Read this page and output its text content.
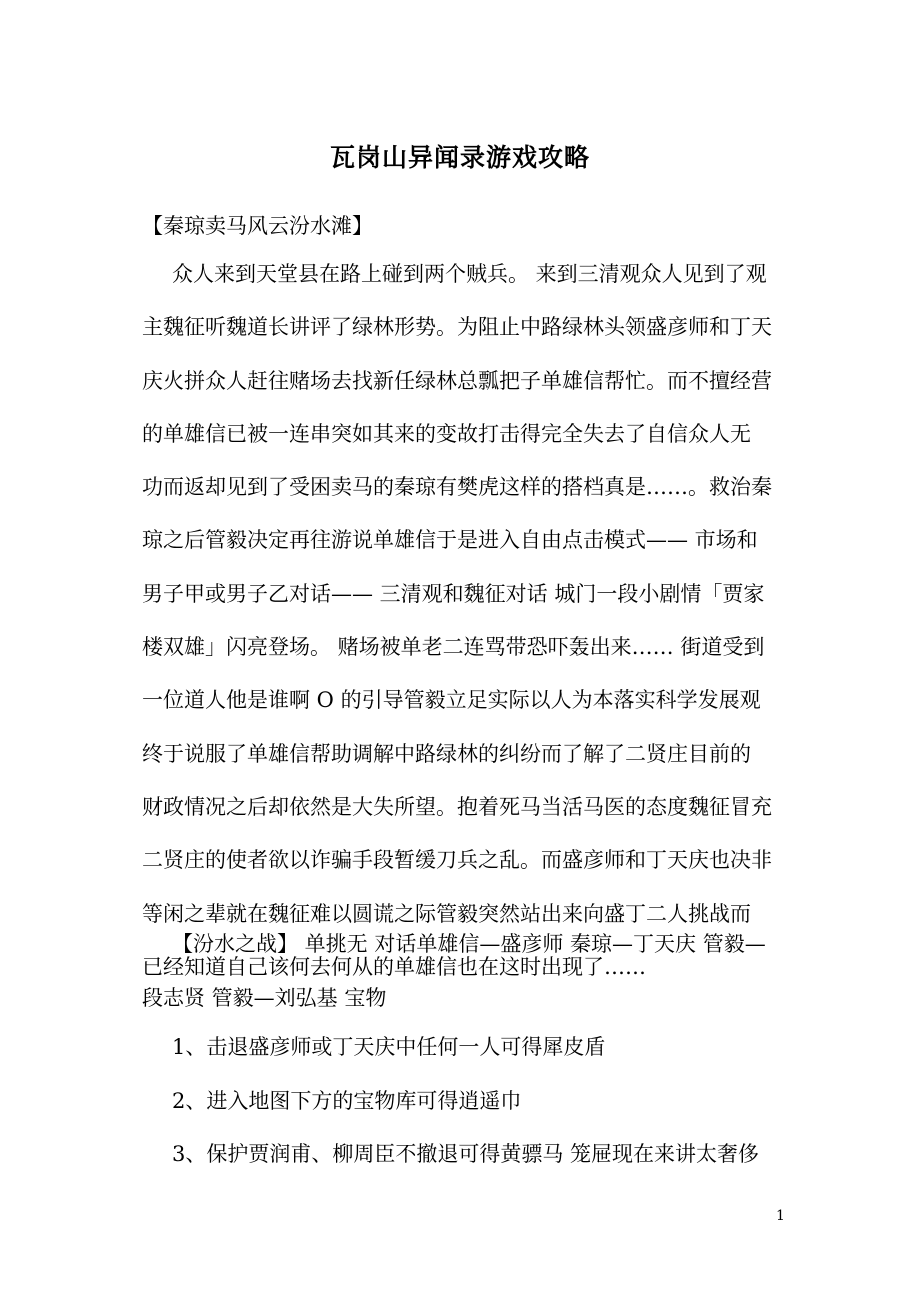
瓦岗山异闻录游戏攻略
【秦琼卖马风云汾水滩】
众人来到天堂县在路上碰到两个贼兵。 来到三清观众人见到了观
主魏征听魏道长讲评了绿林形势。为阻止中路绿林头领盛彦师和丁天
庆火拼众人赶往赌场去找新任绿林总瓢把子单雄信帮忙。而不擅经营
的单雄信已被一连串突如其来的变故打击得完全失去了自信众人无
功而返却见到了受困卖马的秦琼有樊虎这样的搭档真是……。救治秦
琼之后管毅决定再往游说单雄信于是进入自由点击模式—— 市场和
男子甲或男子乙对话—— 三清观和魏征对话 城门一段小剧情「贾家
楼双雄」闪亮登场。 赌场被单老二连骂带恐吓轰出来…… 街道受到
一位道人他是谁啊 O 的引导管毅立足实际以人为本落实科学发展观
终于说服了单雄信帮助调解中路绿林的纠纷而了解了二贤庄目前的
财政情况之后却依然是大失所望。抱着死马当活马医的态度魏征冒充
二贤庄的使者欲以诈骗手段暂缓刀兵之乱。而盛彦师和丁天庆也决非
等闲之辈就在魏征难以圆谎之际管毅突然站出来向盛丁二人挑战而
已经知道自己该何去何从的单雄信也在这时出现了……
【汾水之战】 单挑无 对话单雄信—盛彦师 秦琼—丁天庆 管毅—
段志贤 管毅—刘弘基 宝物
1、击退盛彦师或丁天庆中任何一人可得犀皮盾
2、进入地图下方的宝物库可得逍遥巾
3、保护贾润甫、柳周臣不撤退可得黄骠马 笼屉现在来讲太奢侈
1
